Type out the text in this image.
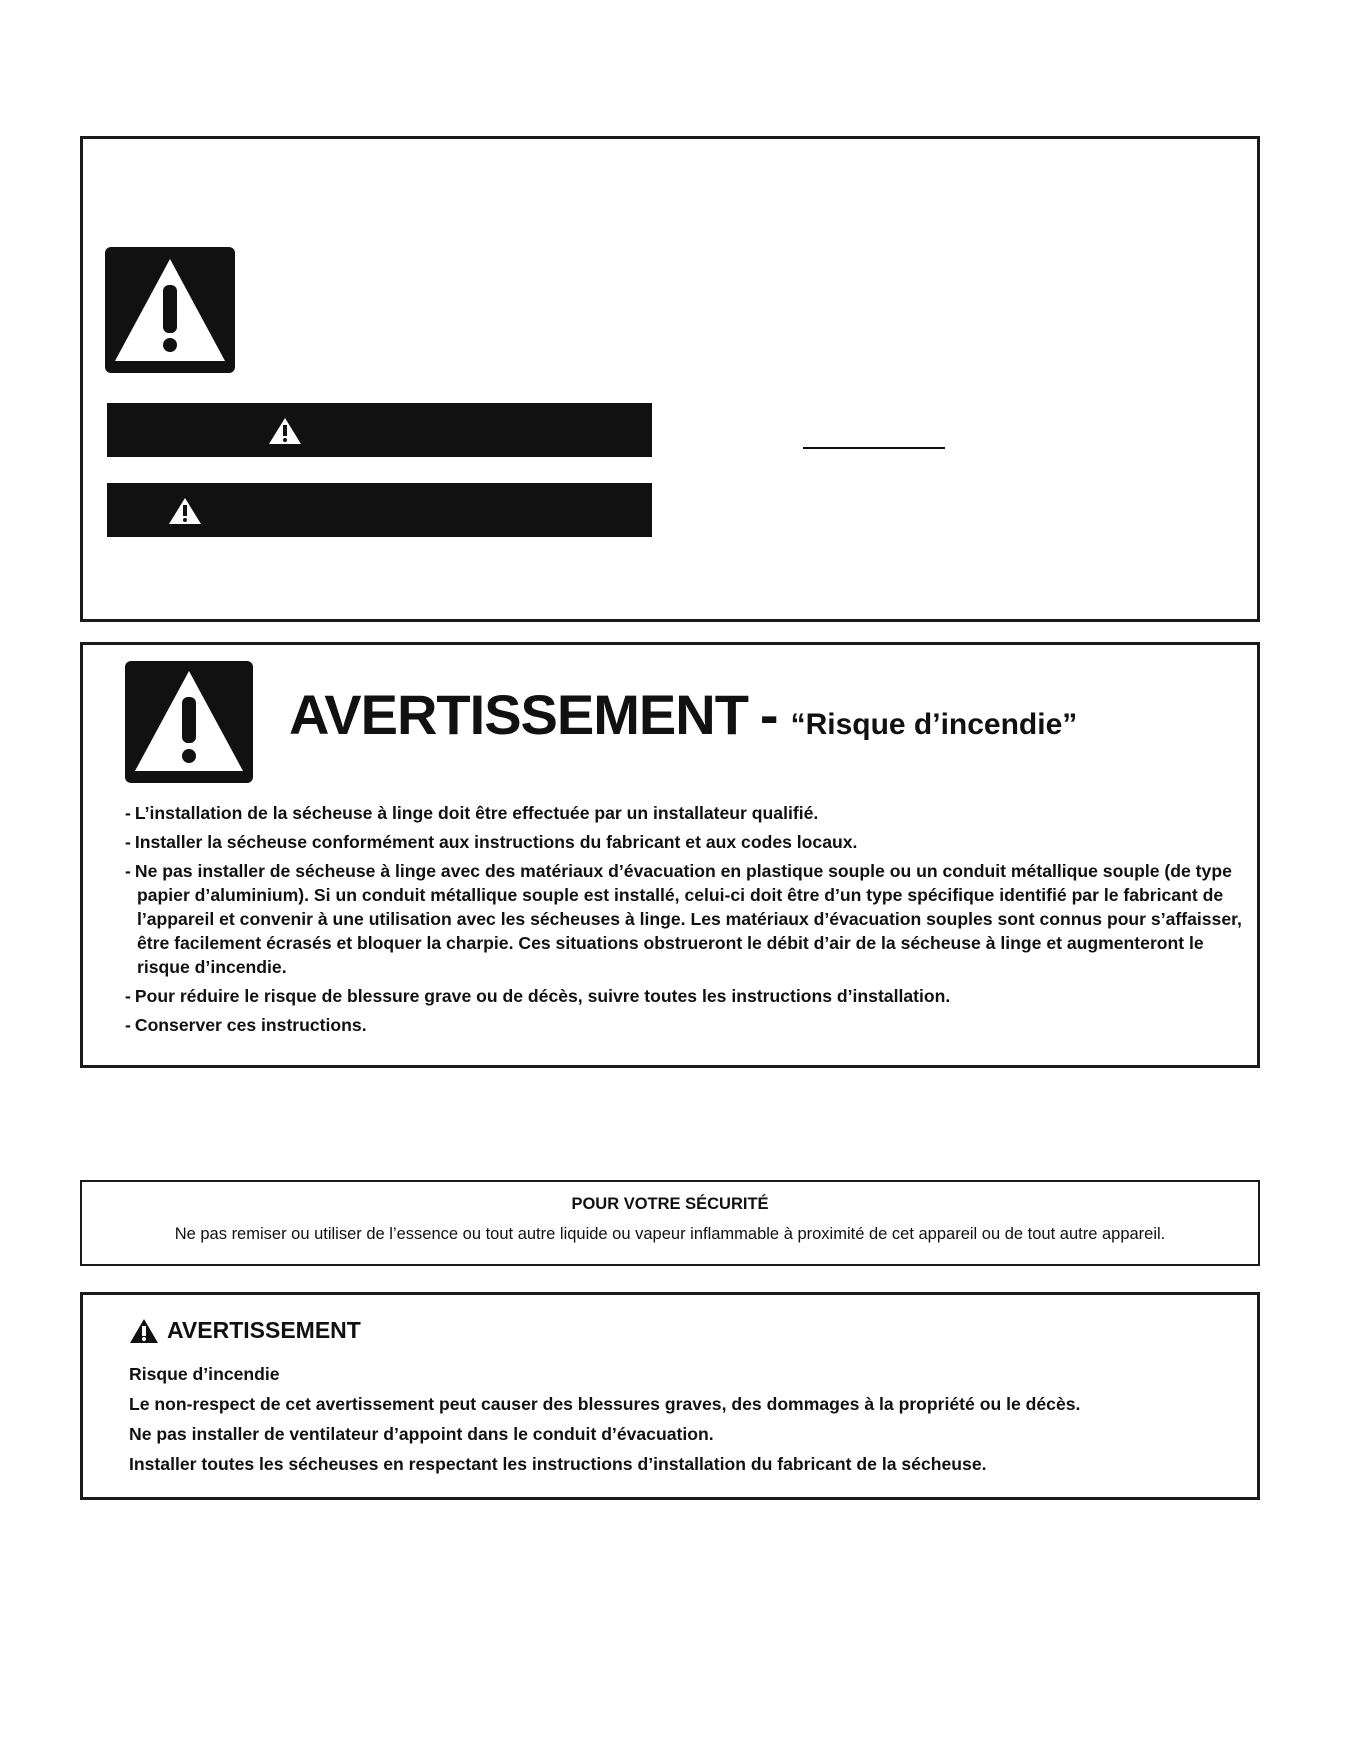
AVERTISSEMENT - “Risque d’incendie”
- L’installation de la sécheuse à linge doit être effectuée par un installateur qualifié.
- Installer la sécheuse conformément aux instructions du fabricant et aux codes locaux.
- Ne pas installer de sécheuse à linge avec des matériaux d’évacuation en plastique souple ou un conduit métallique souple (de type papier d’aluminium). Si un conduit métallique souple est installé, celui-ci doit être d’un type spécifique identifié par le fabricant de l’appareil et convenir à une utilisation avec les sécheuses à linge. Les matériaux d’évacuation souples sont connus pour s’affaisser, être facilement écrasés et bloquer la charpie. Ces situations obstrueront le débit d’air de la sécheuse à linge et augmenteront le risque d’incendie.
- Pour réduire le risque de blessure grave ou de décès, suivre toutes les instructions d’installation.
- Conserver ces instructions.
POUR VOTRE SÉCURITÉ
Ne pas remiser ou utiliser de l’essence ou tout autre liquide ou vapeur inflammable à proximité de cet appareil ou de tout autre appareil.
AVERTISSEMENT
Risque d’incendie
Le non-respect de cet avertissement peut causer des blessures graves, des dommages à la propriété ou le décès.
Ne pas installer de ventilateur d’appoint dans le conduit d’évacuation.
Installer toutes les sécheuses en respectant les instructions d’installation du fabricant de la sécheuse.
